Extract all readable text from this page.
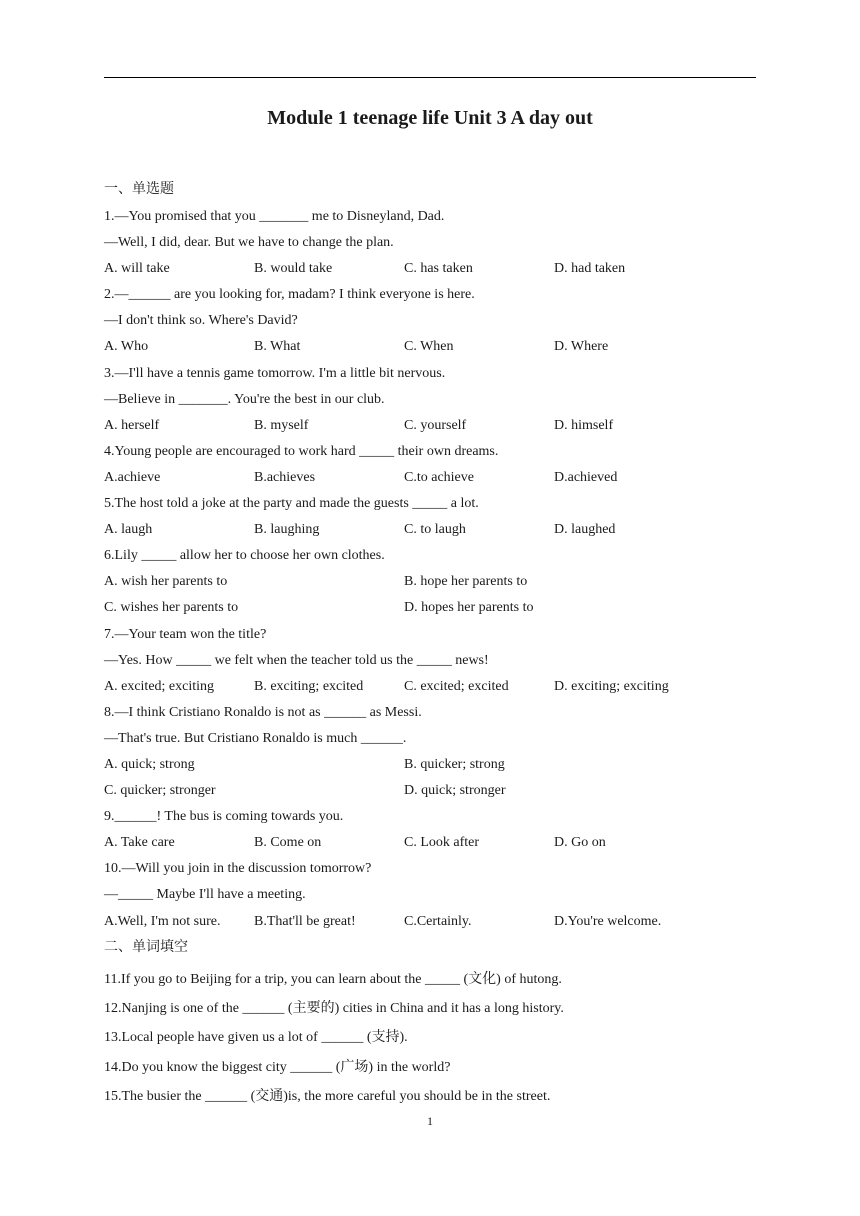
Module 1 teenage life Unit 3 A day out
一、单选题
1.—You promised that you _______ me to Disneyland, Dad.
—Well, I did, dear. But we have to change the plan.
A. will take	B. would take	C. has taken	D. had taken
2.—______ are you looking for, madam? I think everyone is here.
—I don't think so. Where's David?
A. Who	B. What	C. When	D. Where
3.—I'll have a tennis game tomorrow. I'm a little bit nervous.
—Believe in _______. You're the best in our club.
A. herself	B. myself	C. yourself	D. himself
4.Young people are encouraged to work hard _____ their own dreams.
A.achieve	B.achieves	C.to achieve	D.achieved
5.The host told a joke at the party and made the guests _____ a lot.
A. laugh	B. laughing	C. to laugh	D. laughed
6.Lily _____ allow her to choose her own clothes.
A. wish her parents to	B. hope her parents to
C. wishes her parents to	D. hopes her parents to
7.—Your team won the title?
—Yes. How _____ we felt when the teacher told us the _____ news!
A. excited; exciting	B. exciting; excited	C. excited; excited	D. exciting; exciting
8.—I think Cristiano Ronaldo is not as ______ as Messi.
—That's true. But Cristiano Ronaldo is much ______.
A. quick; strong	B. quicker; strong
C. quicker; stronger	D. quick; stronger
9.______! The bus is coming towards you.
A. Take care	B. Come on	C. Look after	D. Go on
10.—Will you join in the discussion tomorrow?
—_____ Maybe I'll have a meeting.
A.Well, I'm not sure.	B.That'll be great!	C.Certainly.	D.You're welcome.
二、单词填空
11.If you go to Beijing for a trip, you can learn about the _____ (文化) of hutong.
12.Nanjing is one of the ______ (主要的) cities in China and it has a long history.
13.Local people have given us a lot of ______ (支持).
14.Do you know the biggest city ______ (广场) in the world?
15.The busier the ______ (交通)is, the more careful you should be in the street.
1
